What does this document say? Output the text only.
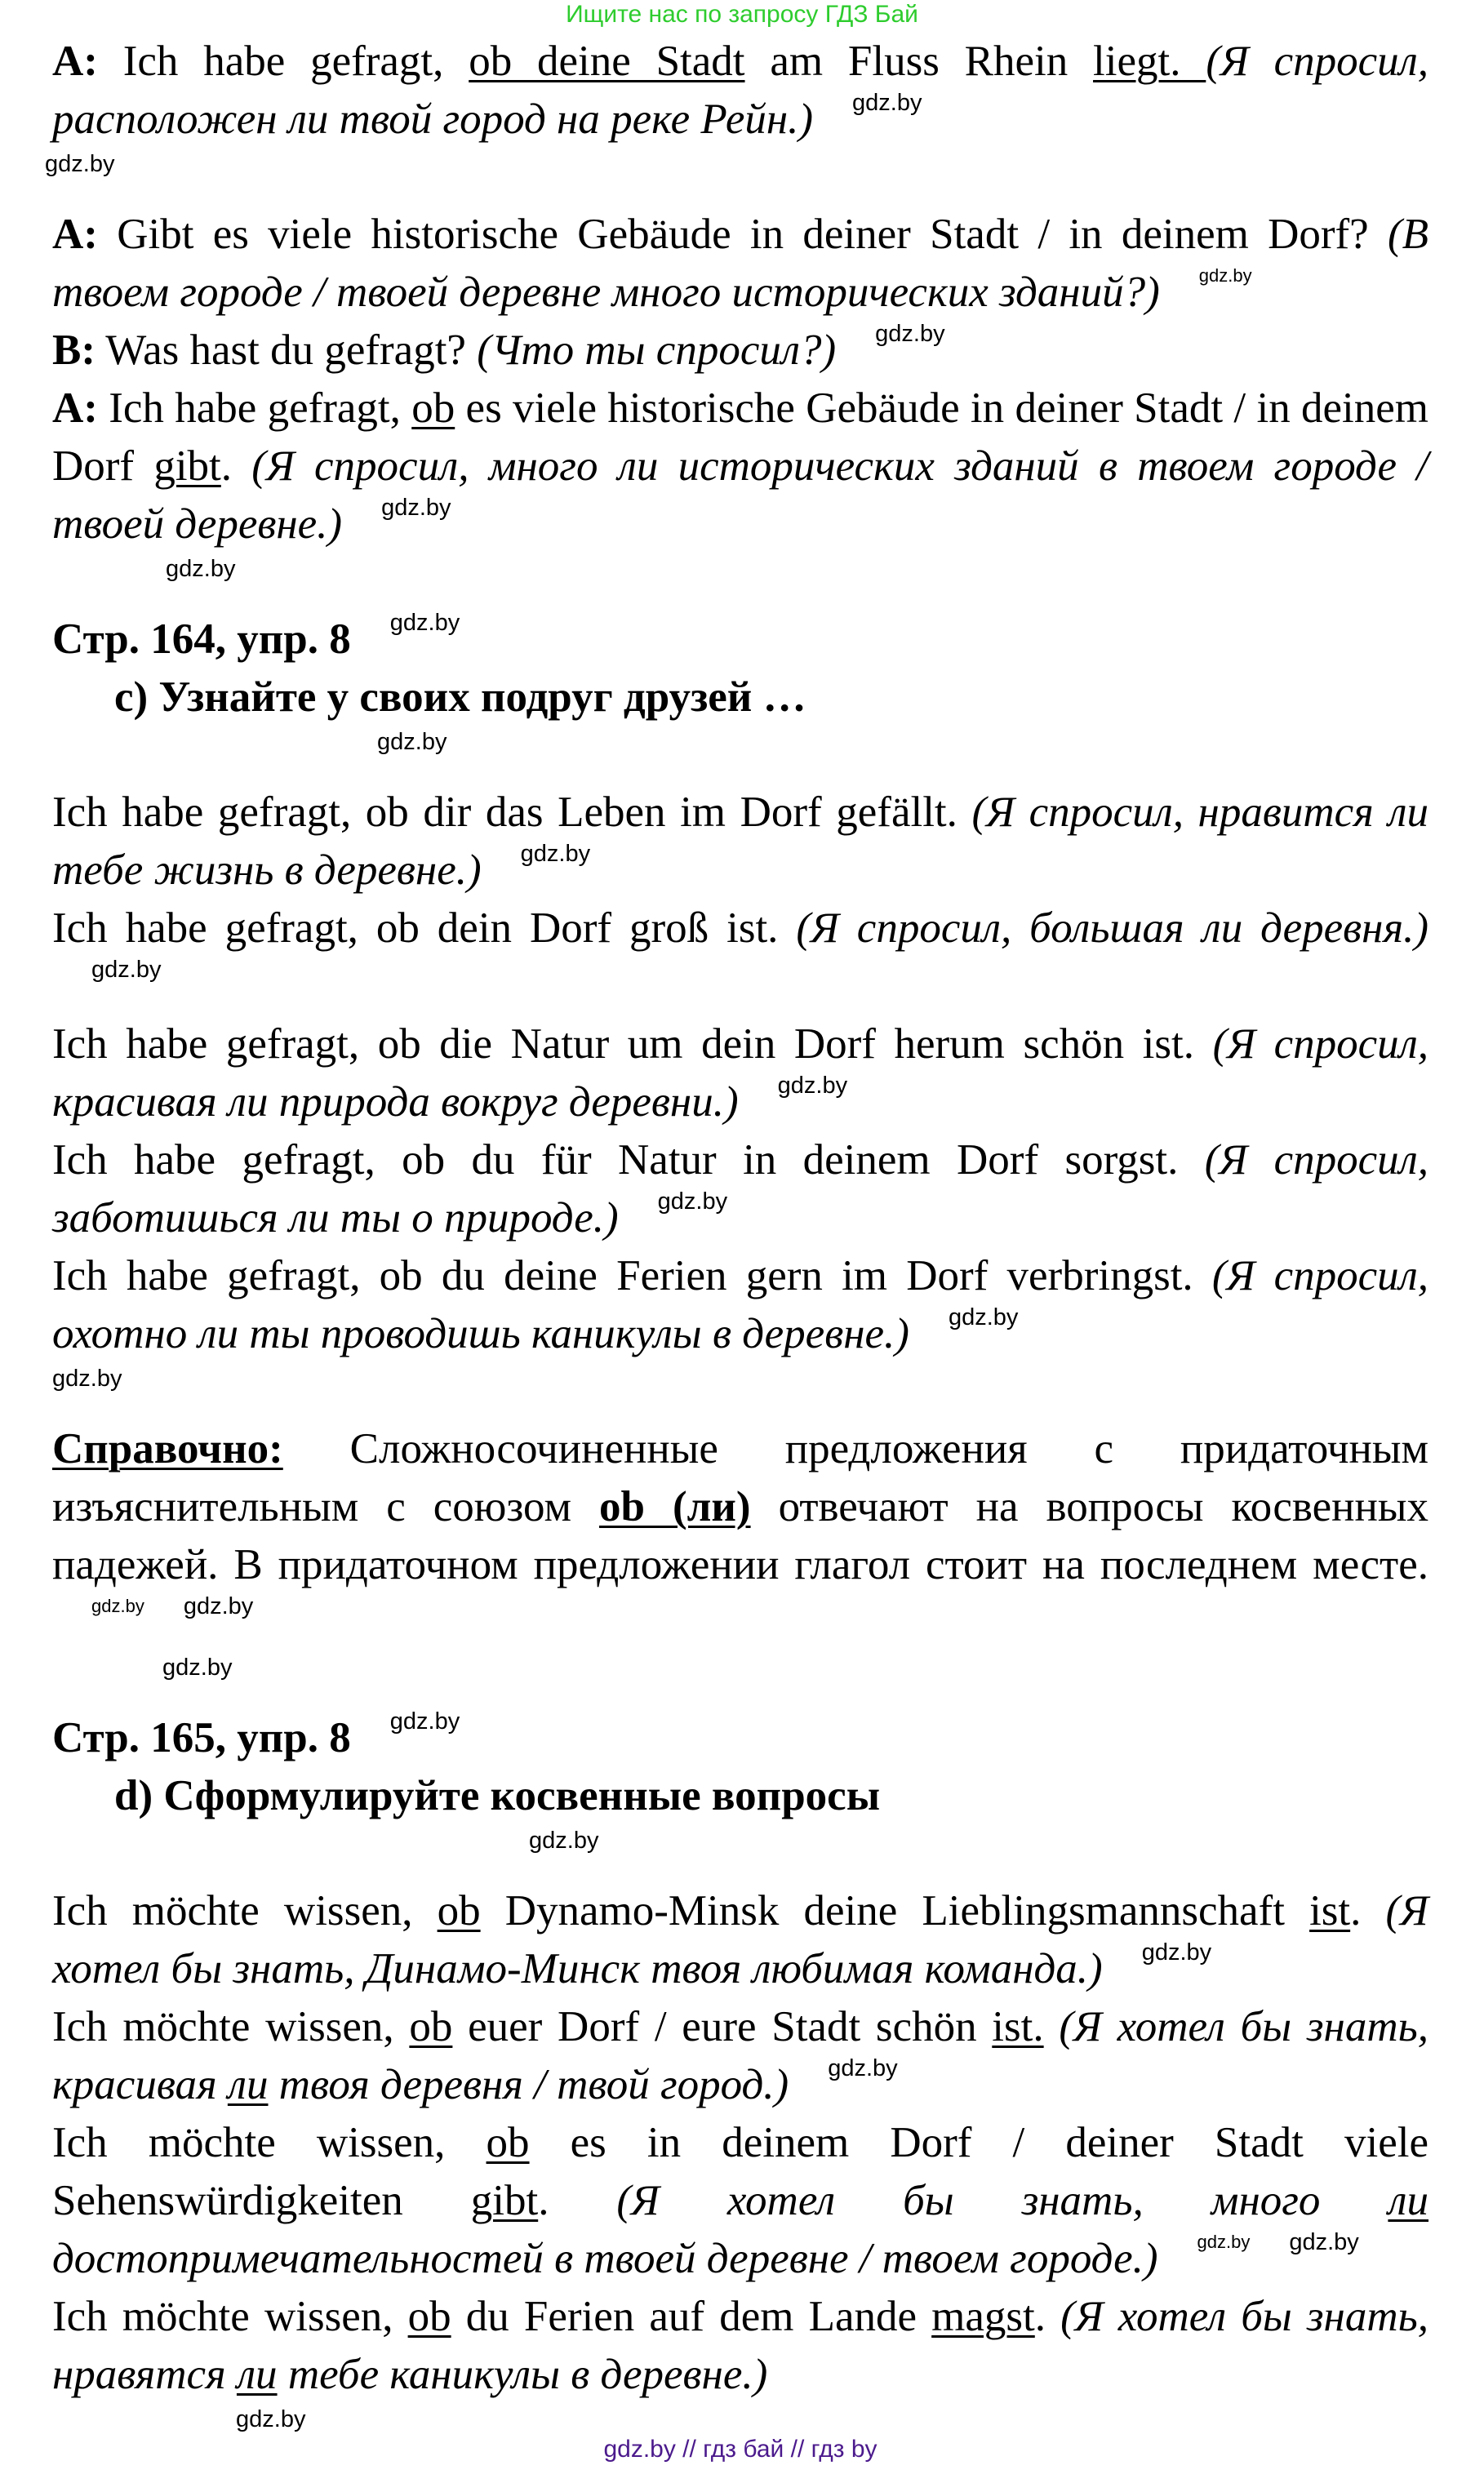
Ищите нас по запросу ГДЗ Бай

A: Ich habe gefragt, ob deine Stadt am Fluss Rhein liegt. (Я спросил, расположен ли твой город на реке Рейн.) gdz.by

gdz.by

A: Gibt es viele historische Gebäude in deiner Stadt / in deinem Dorf? (В твоем городе / твоей деревне много исторических зданий?) gdz.by

B: Was hast du gefragt? (Что ты спросил?) gdz.by

A: Ich habe gefragt, ob es viele historische Gebäude in deiner Stadt / in deinem Dorf gibt. (Я спросил, много ли исторических зданий в твоем городе / твоей деревне.) gdz.by

gdz.by

Стр. 164, упр. 8 gdz.by

c) Узнайте у своих подруг друзей …

gdz.by

Ich habe gefragt, ob dir das Leben im Dorf gefällt. (Я спросил, нравится ли тебе жизнь в деревне.) gdz.by

Ich habe gefragt, ob dein Dorf groß ist. (Я спросил, большая ли деревня.)gdz.by

Ich habe gefragt, ob die Natur um dein Dorf herum schön ist. (Я спросил, красивая ли природа вокруг деревни.) gdz.by

Ich habe gefragt, ob du für Natur in deinem Dorf sorgst. (Я спросил, заботишься ли ты о природе.) gdz.by

Ich habe gefragt, ob du deine Ferien gern im Dorf verbringst. (Я спросил, охотно ли ты проводишь каникулы в деревне.) gdz.by

gdz.by

Справочно: Сложносочиненные предложения с придаточным изъяснительным с союзом ob (ли) отвечают на вопросы косвенных падежей. В придаточном предложении глагол стоит на последнем месте.gdz.by gdz.by

gdz.by

Стр. 165, упр. 8 gdz.by

d) Сформулируйте косвенные вопросы

gdz.by

Ich möchte wissen, ob Dynamo-Minsk deine Lieblingsmannschaft ist. (Я хотел бы знать, Динамо-Минск твоя любимая команда.) gdz.by

Ich möchte wissen, ob euer Dorf / eure Stadt schön ist. (Я хотел бы знать, красивая ли твоя деревня / твой город.) gdz.by

Ich möchte wissen, ob es in deinem Dorf / deiner Stadt viele Sehenswürdigkeiten gibt. (Я хотел бы знать, много ли достопримечательностей в твоей деревне / твоем городе.) gdz.by gdz.by

Ich möchte wissen, ob du Ferien auf dem Lande magst. (Я хотел бы знать, нравятся ли тебе каникулы в деревне.)

gdz.by
gdz.by // гдз бай // гдз by
